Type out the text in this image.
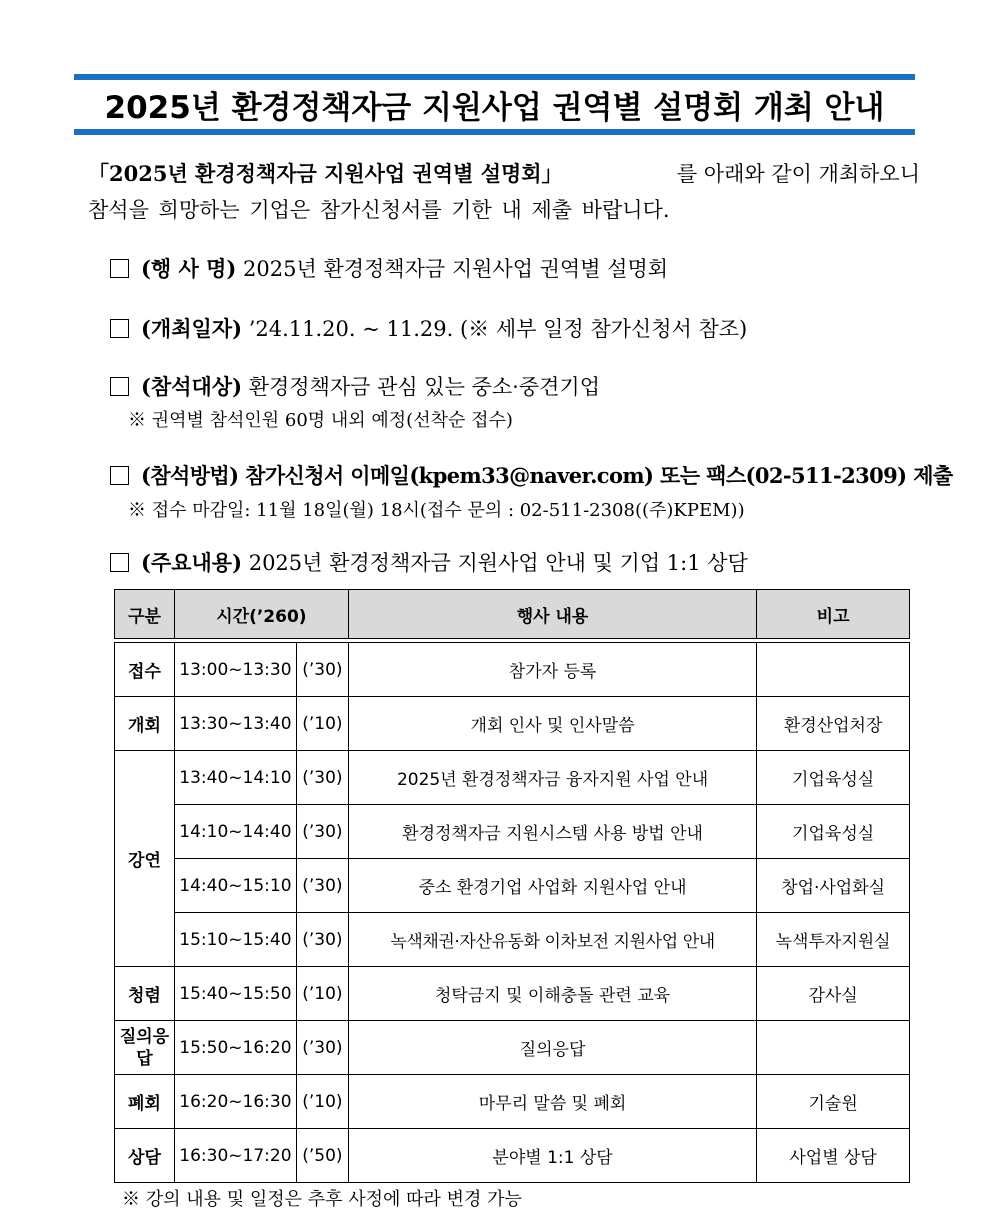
2025년 환경정책자금 지원사업 권역별 설명회 개최 안내
「2025년 환경정책자금 지원사업 권역별 설명회」	를 아래와 같이 개최하오니
참석을 희망하는 기업은 참가신청서를 기한 내 제출 바랍니다.
(행 사 명) 2025년 환경정책자금 지원사업 권역별 설명회
(개최일자) ’24.11.20. ~ 11.29. (※ 세부 일정 참가신청서 참조)
(참석대상) 환경정책자금 관심 있는 중소·중견기업
※ 권역별 참석인원 60명 내외 예정(선착순 접수)
(참석방법) 참가신청서 이메일(kpem33@naver.com) 또는 팩스(02-511-2309) 제출
※ 접수 마감일: 11월 18일(월) 18시(접수 문의 : 02-511-2308((주)KPEM))
(주요내용) 2025년 환경정책자금 지원사업 안내 및 기업 1:1 상담
구분	시간(’260)		행사 내용	비고

접수	13:00~13:30	(’30)	참가자 등록	
개회	13:30~13:40	(’10)	개회 인사 및 인사말씀	환경산업처장
강연	13:40~14:10	(’30)	2025년 환경정책자금 융자지원 사업 안내	기업육성실
	14:10~14:40	(’30)	환경정책자금 지원시스템 사용 방법 안내	기업육성실
	14:40~15:10	(’30)	중소 환경기업 사업화 지원사업 안내	창업·사업화실
	15:10~15:40	(’30)	녹색채권·자산유동화 이차보전 지원사업 안내	녹색투자지원실
청렴	15:40~15:50	(’10)	청탁금지 및 이해충돌 관련 교육	감사실
질의응답	15:50~16:20	(’30)	질의응답	
폐회	16:20~16:30	(’10)	마무리 말씀 및 폐회	기술원
상담	16:30~17:20	(’50)	분야별 1:1 상담	사업별 상담
※ 강의 내용 및 일정은 추후 사정에 따라 변경 가능
